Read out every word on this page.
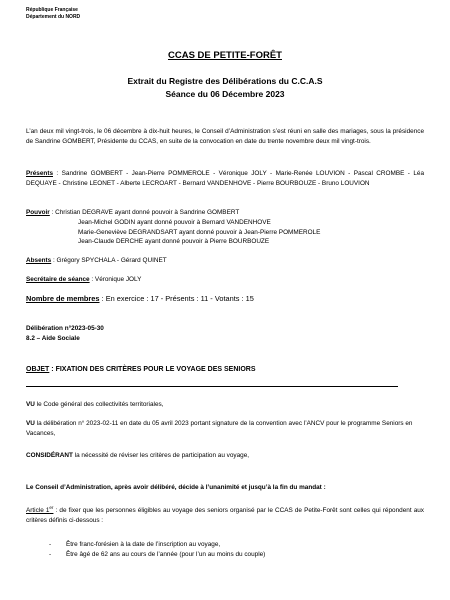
République Française
Département du NORD
CCAS DE PETITE-FORÊT
Extrait du Registre des Délibérations du C.C.A.S
Séance du 06 Décembre 2023
L’an deux mil vingt-trois, le 06 décembre à dix-huit heures, le Conseil d’Administration s’est réuni en salle des mariages, sous la présidence de Sandrine GOMBERT, Présidente du CCAS, en suite de la convocation en date du trente novembre deux mil vingt-trois.
Présents : Sandrine GOMBERT - Jean-Pierre POMMEROLE - Véronique JOLY - Marie-Renée LOUVION - Pascal CROMBE - Léa DEQUAYE - Christine LEONET - Alberte LECROART - Bernard VANDENHOVE - Pierre BOURBOUZE - Bruno LOUVION
Pouvoir : Christian DEGRAVE ayant donné pouvoir à Sandrine GOMBERT
Jean-Michel GODIN ayant donné pouvoir à Bernard VANDENHOVE
Marie-Geneviève DEGRANDSART ayant donné pouvoir à Jean-Pierre POMMEROLE
Jean-Claude DERCHE ayant donné pouvoir à Pierre BOURBOUZE
Absents : Grégory SPYCHALA - Gérard QUINET
Secrétaire de séance : Véronique JOLY
Nombre de membres : En exercice : 17 - Présents : 11 - Votants : 15
Délibération n°2023-05-30
8.2 – Aide Sociale
OBJET : FIXATION DES CRITÈRES POUR LE VOYAGE DES SENIORS
VU le Code général des collectivités territoriales,
VU la délibération n° 2023-02-11 en date du 05 avril 2023 portant signature de la convention avec l’ANCV pour le programme Seniors en Vacances,
CONSIDÉRANT la nécessité de réviser les critères de participation au voyage,
Le Conseil d’Administration, après avoir délibéré, décide à l’unanimité et jusqu’à la fin du mandat :
Article 1er : de fixer que les personnes éligibles au voyage des seniors organisé par le CCAS de Petite-Forêt sont celles qui répondent aux critères définis ci-dessous :
- Être franc-forésien à la date de l’inscription au voyage,
- Être âgé de 62 ans au cours de l’année (pour l’un au moins du couple)
